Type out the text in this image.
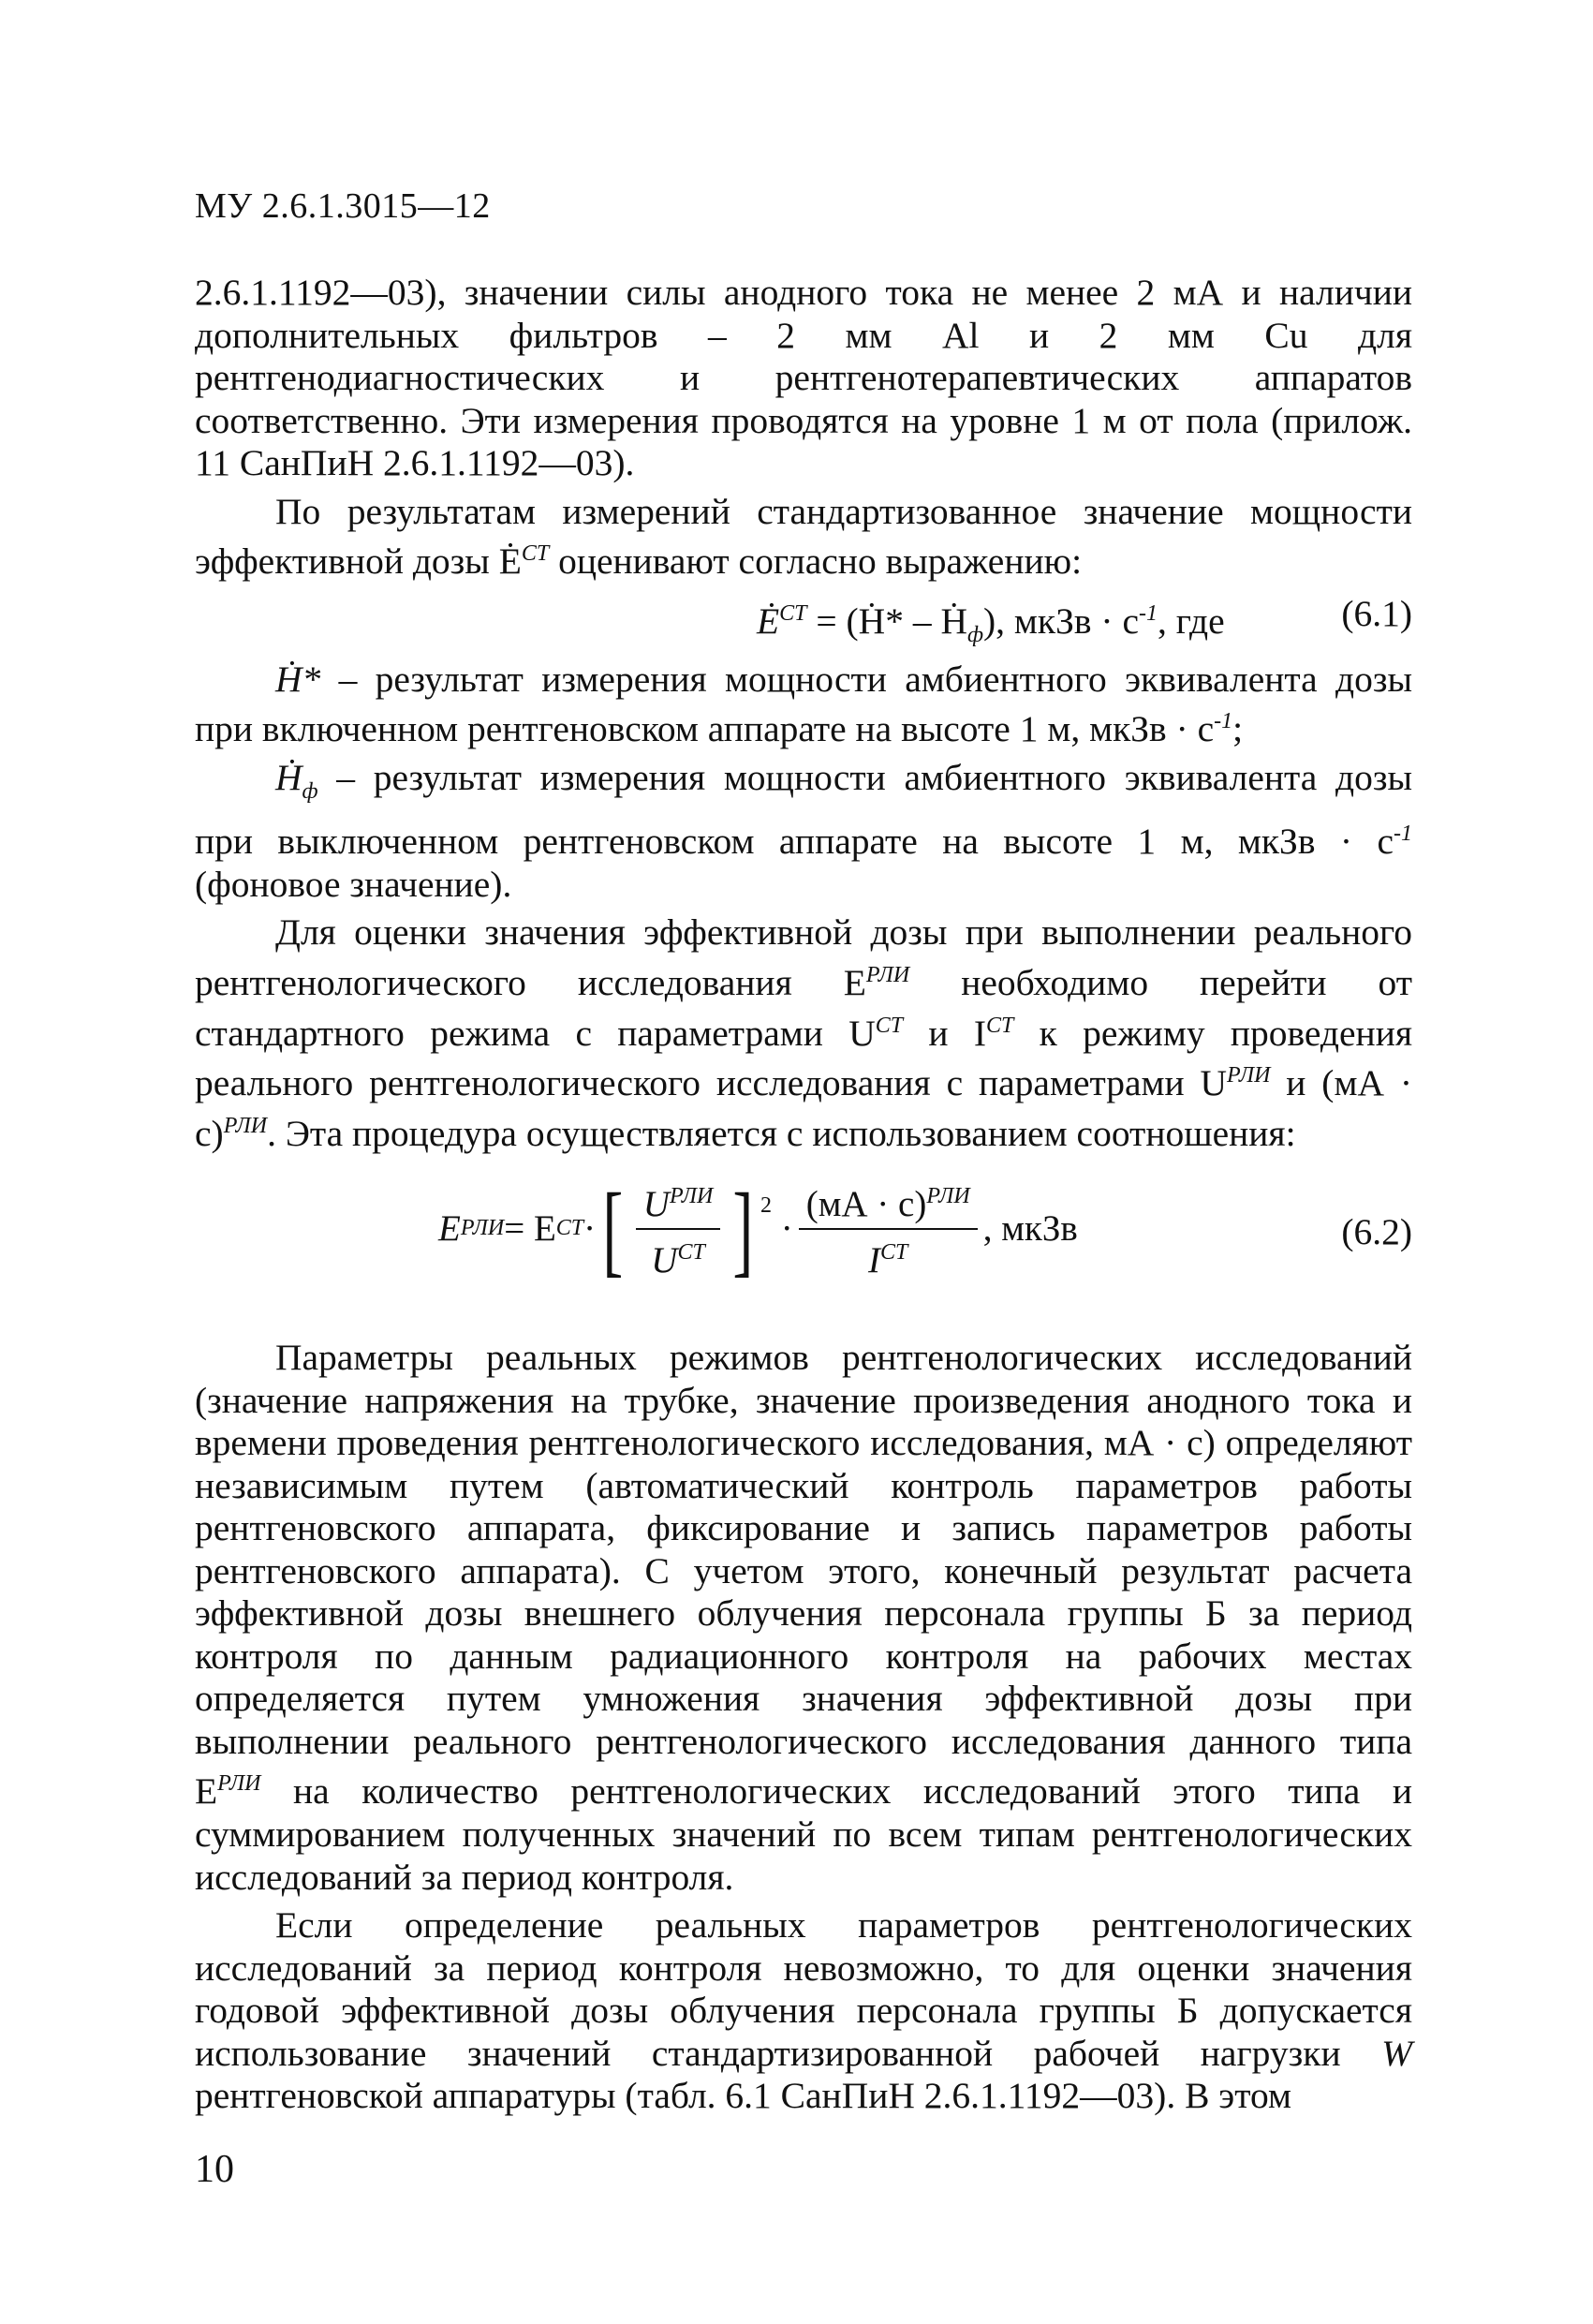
МУ 2.6.1.3015—12

2.6.1.1192—03), значении силы анодного тока не менее 2 мА и наличии дополнительных фильтров – 2 мм Al и 2 мм Cu для рентгенодиагностических и рентгенотерапевтических аппаратов соответственно. Эти измерения проводятся на уровне 1 м от пола (прилож. 11 СанПиН 2.6.1.1192—03).

По результатам измерений стандартизованное значение мощности эффективной дозы $Ė^{СТ}$ оценивают согласно выражению:

$Ė^{СТ}$ = (Ḣ* – Ḣ$_ф$), мкЗв · $с^{-1}$, где	(6.1)

Ḣ* – результат измерения мощности амбиентного эквивалента дозы при включенном рентгеновском аппарате на высоте 1 м, мкЗв · $с^{-1}$;

Ḣ$_ф$ – результат измерения мощности амбиентного эквивалента дозы при выключенном рентгеновском аппарате на высоте 1 м, мкЗв · $с^{-1}$ (фоновое значение).

Для оценки значения эффективной дозы при выполнении реального рентгенологического исследования $E^{РЛИ}$ необходимо перейти от стандартного режима с параметрами $U^{СТ}$ и $I^{СТ}$ к режиму проведения реального рентгенологического исследования с параметрами $U^{РЛИ}$ и (мА · с)$^{РЛИ}$. Эта процедура осуществляется с использованием соотношения:

E РЛИ = E СТ · [ $\frac{U^{РЛИ}}{U^{СТ}}$ ] $^2$
· $\frac{(мА \cdot с)^{РЛИ}}{I^{СТ}}$ , мкЗв	(6.2)

Параметры реальных режимов рентгенологических исследований (значение напряжения на трубке, значение произведения анодного тока и времени проведения рентгенологического исследования, мА · с) определяют независимым путем (автоматический контроль параметров работы рентгеновского аппарата, фиксирование и запись параметров работы рентгеновского аппарата). С учетом этого, конечный результат расчета эффективной дозы внешнего облучения персонала группы Б за период контроля по данным радиационного контроля на рабочих местах определяется путем умножения значения эффективной дозы при выполнении реального рентгенологического исследования данного типа $E^{РЛИ}$ на количество рентгенологических исследований этого типа и суммированием полученных значений по всем типам рентгенологических исследований за период контроля.

Если определение реальных параметров рентгенологических исследований за период контроля невозможно, то для оценки значения годовой эффективной дозы облучения персонала группы Б допускается использование значений стандартизированной рабочей нагрузки W рентгеновской аппаратуры (табл. 6.1 СанПиН 2.6.1.1192—03). В этом

10
